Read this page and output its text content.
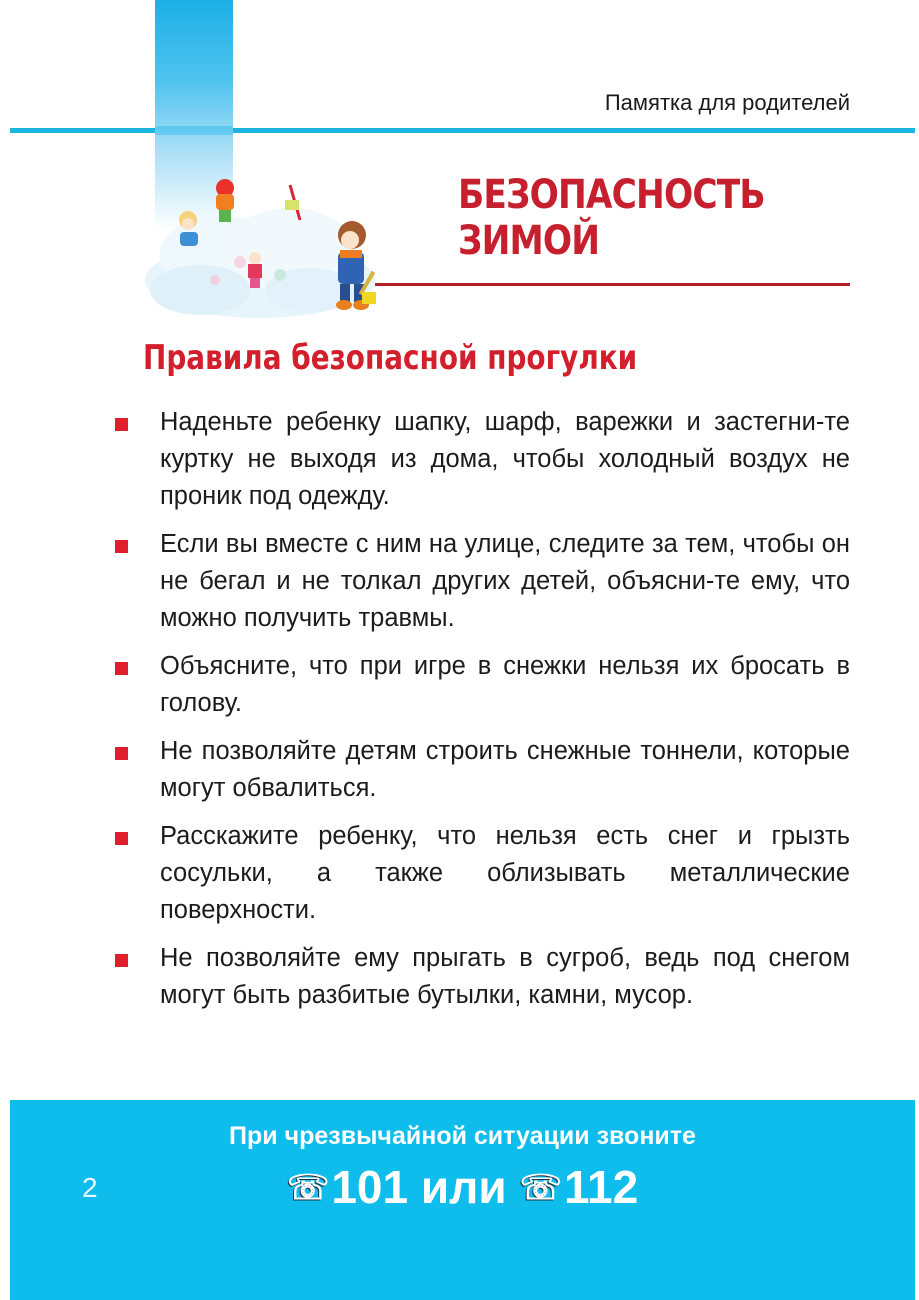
Памятка для родителей
БЕЗОПАСНОСТЬ
ЗИМОЙ
Правила безопасной прогулки
Наденьте ребенку шапку, шарф, варежки и застегни-те куртку не выходя из дома, чтобы холодный воздух не проник под одежду.
Если вы вместе с ним на улице, следите за тем, чтобы он не бегал и не толкал других детей, объясни-те ему, что можно получить травмы.
Объясните, что при игре в снежки нельзя их бросать в голову.
Не позволяйте детям строить снежные тоннели, которые могут обвалиться.
Расскажите ребенку, что нельзя есть снег и грызть сосульки, а также облизывать металлические поверхности.
Не позволяйте ему прыгать в сугроб, ведь под снегом могут быть разбитые бутылки, камни, мусор.
2
При чрезвычайной ситуации звоните
☏101 или ☏112
